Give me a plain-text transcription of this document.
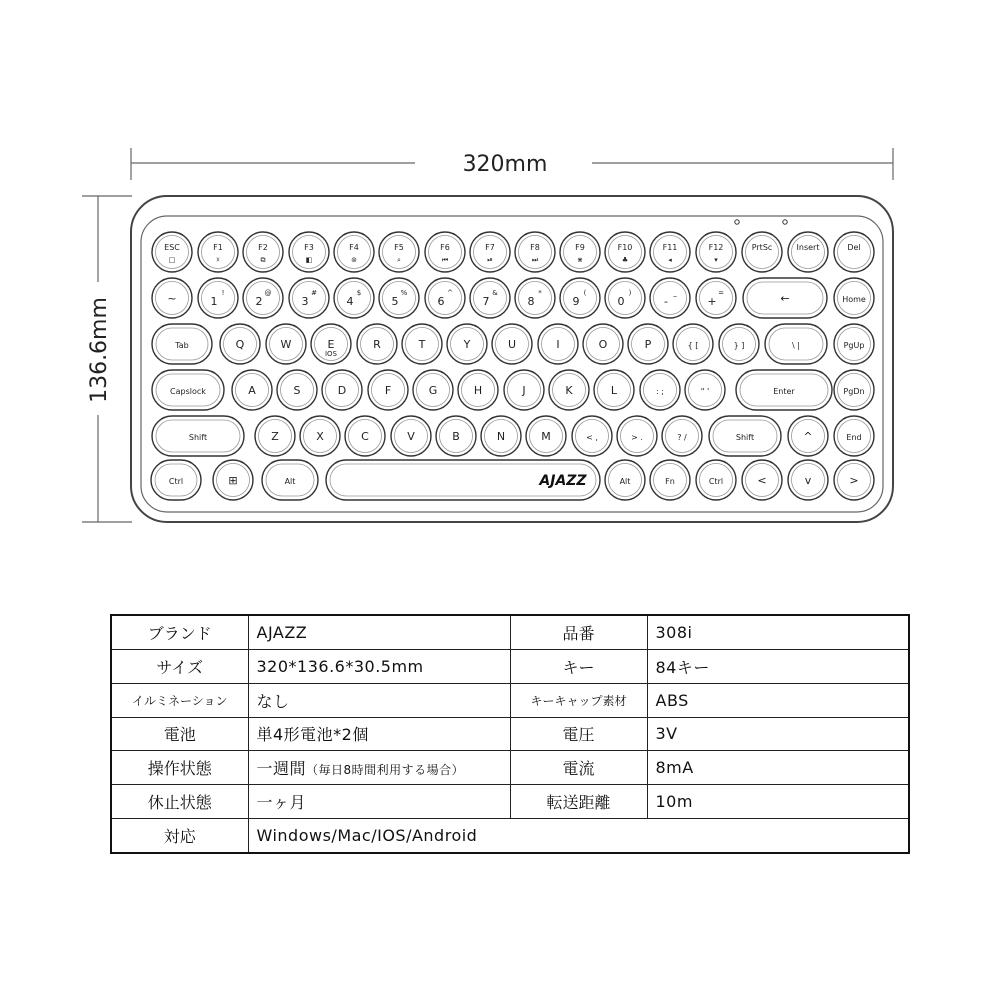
320mm
136.6mm
ESC
□
F1
☓
F2
⧉
F3
◧
F4
⊚
F5
⌕
F6
⏮
F7
⏯
F8
⏭
F9
⋇
F10
♣
F11
◂
F12
▾
PrtSc	Insert	Del
~	1
!
2
@
3
#
4
$
5
%
6
^
7
&
8
*
9
(
0
)
-
_
+
=	←	Home
Tab	Q	W	E
IOS
R	T	Y	U	I	O	P	{ [	} ]	\ |	PgUp
Capslock	A	S	D	F	G	H	J	K	L	: ;	" '	Enter	PgDn
Shift	Z	X	C	V	B	N	M	< ,	> .	? /	Shift	^	End
Ctrl	⊞	Alt	AJAZZ	Alt	Fn	Ctrl	<	v	>
ブランド	AJAZZ	品番	308i
サイズ	320*136.6*30.5mm	キー	84キー
イルミネーション	なし	キーキャップ素材	ABS
電池	単4形電池*2個	電圧	3V
操作状態	一週間（毎日8時間利用する場合）	電流	8mA
休止状態	一ヶ月	転送距離	10m
対応	Windows/Mac/IOS/Android		
